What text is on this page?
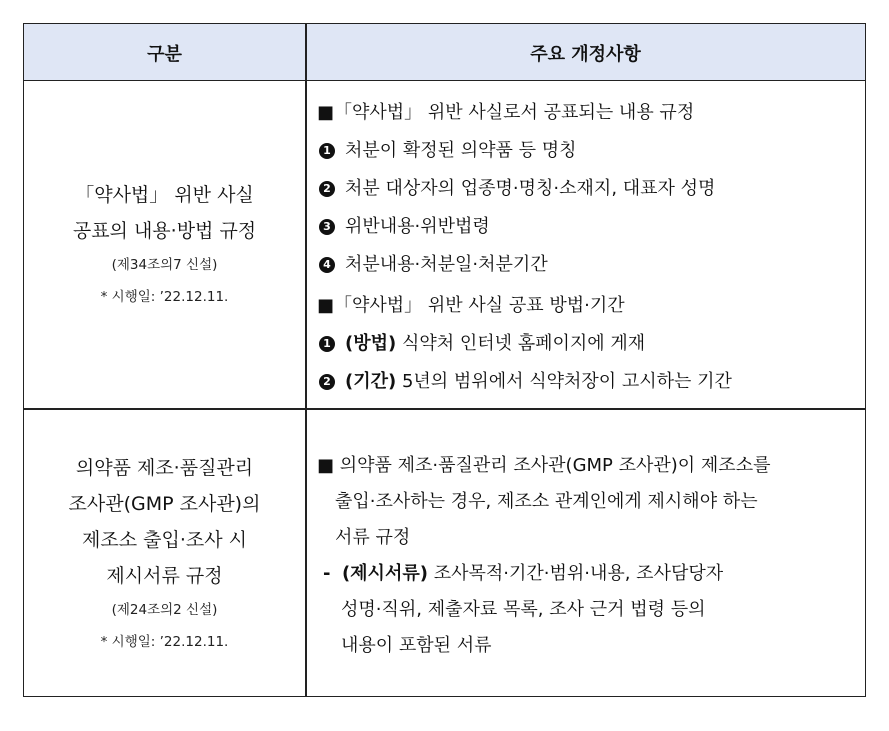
구분	주요 개정사항
「약사법」 위반 사실
공표의 내용·방법 규정
(제34조의7 신설)
* 시행일: ’22.12.11.
■「약사법」 위반 사실로서 공표되는 내용 규정
1 처분이 확정된 의약품 등 명칭
2 처분 대상자의 업종명·명칭·소재지, 대표자 성명
3 위반내용·위반법령
4 처분내용·처분일·처분기간
■「약사법」 위반 사실 공표 방법·기간
1 (방법) 식약처 인터넷 홈페이지에 게재
2 (기간) 5년의 범위에서 식약처장이 고시하는 기간
의약품 제조·품질관리
조사관(GMP 조사관)의
제조소 출입·조사 시
제시서류 규정
(제24조의2 신설)
* 시행일: ’22.12.11.
■ 의약품 제조·품질관리 조사관(GMP 조사관)이 제조소를
출입·조사하는 경우, 제조소 관계인에게 제시해야 하는
서류 규정
- (제시서류) 조사목적·기간·범위·내용, 조사담당자
성명·직위, 제출자료 목록, 조사 근거 법령 등의
내용이 포함된 서류
